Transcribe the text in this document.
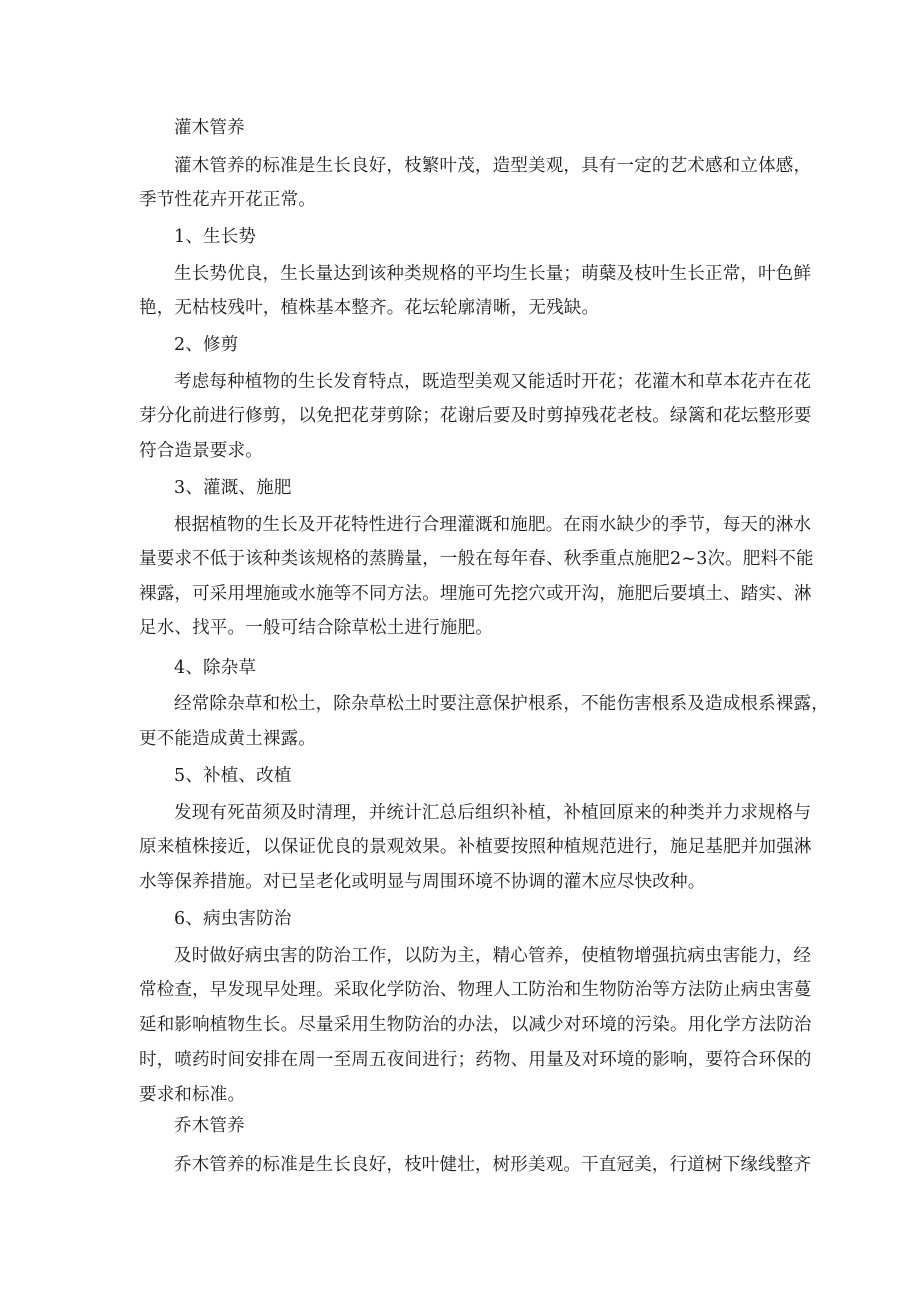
灌木管养
灌木管养的标准是生长良好，枝繁叶茂，造型美观，具有一定的艺术感和立体感，
季节性花卉开花正常。
1、生长势
生长势优良，生长量达到该种类规格的平均生长量；萌蘖及枝叶生长正常，叶色鲜
艳，无枯枝残叶，植株基本整齐。花坛轮廓清晰，无残缺。
2、修剪
考虑每种植物的生长发育特点，既造型美观又能适时开花；花灌木和草本花卉在花
芽分化前进行修剪，以免把花芽剪除；花谢后要及时剪掉残花老枝。绿篱和花坛整形要
符合造景要求。
3、灌溉、施肥
根据植物的生长及开花特性进行合理灌溉和施肥。在雨水缺少的季节，每天的淋水
量要求不低于该种类该规格的蒸腾量，一般在每年春、秋季重点施肥2~3次。肥料不能
裸露，可采用埋施或水施等不同方法。埋施可先挖穴或开沟，施肥后要填土、踏实、淋
足水、找平。一般可结合除草松土进行施肥。
4、除杂草
经常除杂草和松土，除杂草松土时要注意保护根系，不能伤害根系及造成根系裸露，
更不能造成黄土裸露。
5、补植、改植
发现有死苗须及时清理，并统计汇总后组织补植，补植回原来的种类并力求规格与
原来植株接近，以保证优良的景观效果。补植要按照种植规范进行，施足基肥并加强淋
水等保养措施。对已呈老化或明显与周围环境不协调的灌木应尽快改种。
6、病虫害防治
及时做好病虫害的防治工作，以防为主，精心管养，使植物增强抗病虫害能力，经
常检查，早发现早处理。采取化学防治、物理人工防治和生物防治等方法防止病虫害蔓
延和影响植物生长。尽量采用生物防治的办法，以减少对环境的污染。用化学方法防治
时，喷药时间安排在周一至周五夜间进行；药物、用量及对环境的影响，要符合环保的
要求和标准。
乔木管养
乔木管养的标准是生长良好，枝叶健壮，树形美观。干直冠美，行道树下缘线整齐
